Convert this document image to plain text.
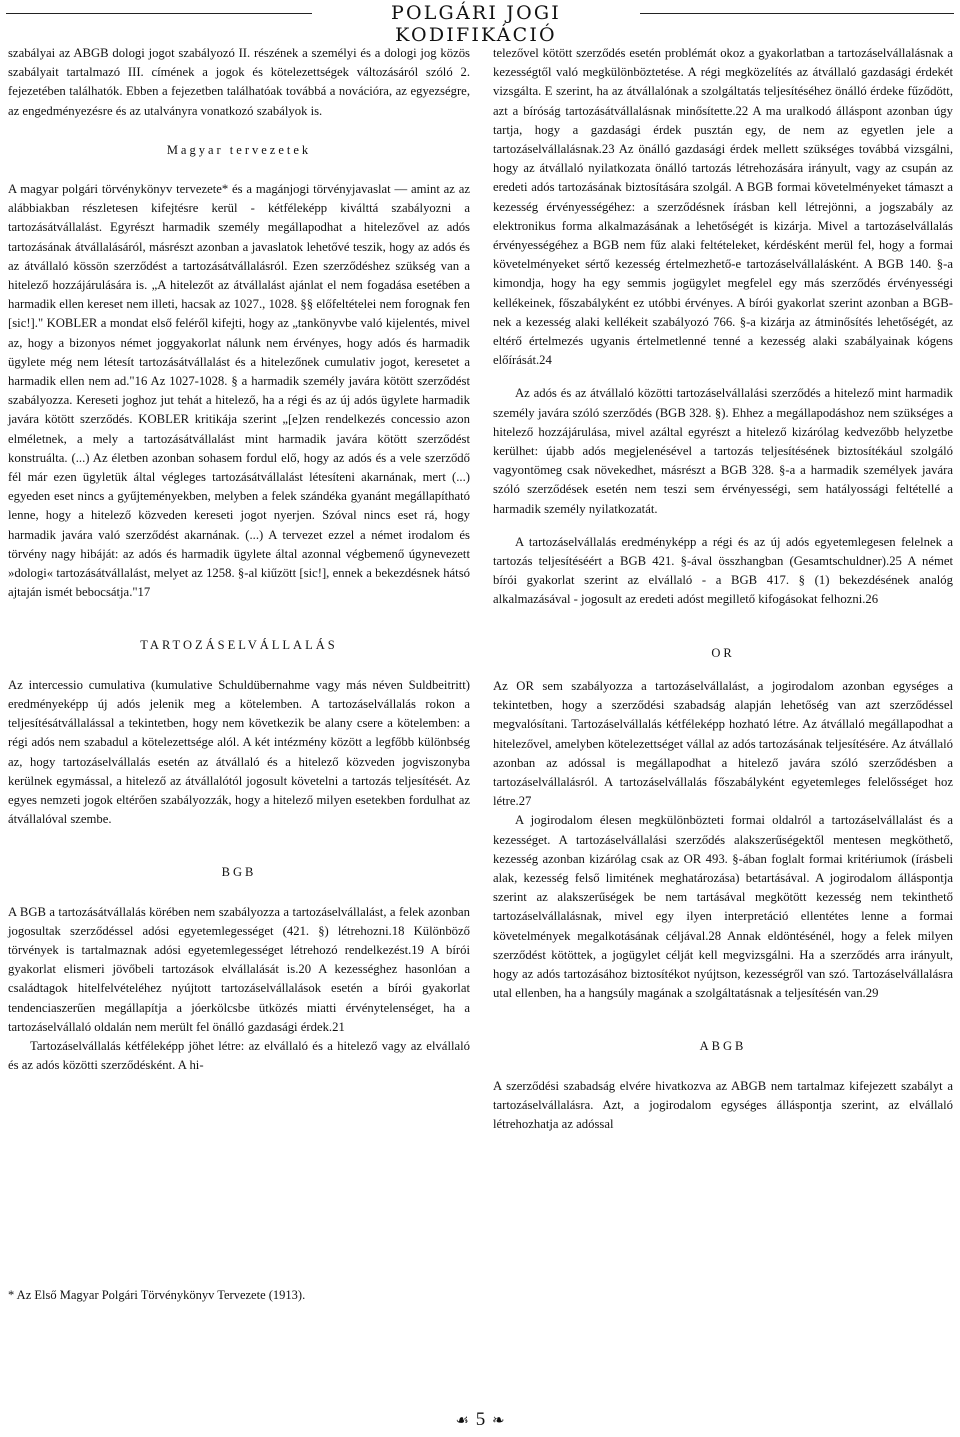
POLGÁRI JOGI KODIFIKÁCIÓ

szabályai az ABGB dologi jogot szabályozó II. részének a személyi és a dologi jog közös szabályait tartalmazó III. címének a jogok és kötelezettségek változásáról szóló 2. fejezetében találhatók. Ebben a fejezetben találhatóak továbbá a novációra, az egyezségre, az engedményezésre és az utalványra vonatkozó szabályok is.

Magyar tervezetek

A magyar polgári törvénykönyv tervezete* és a magánjogi törvényjavaslat — amint az az alábbiakban részletesen kifejtésre kerül - kétféleképp kiválttá szabályozni a tartozásátvállalást. Egyrészt harmadik személy megállapodhat a hitelezővel az adós tartozásának átvállalásáról, másrészt azonban a javaslatok lehetővé teszik, hogy az adós és az átvállaló kössön szerződést a tartozásátvállalásról. Ezen szerződéshez szükség van a hitelező hozzájárulására is. „A hitelezőt az átvállalást ajánlat el nem fogadása esetében a harmadik ellen kereset nem illeti, hacsak az 1027., 1028. §§ előfeltételei nem forognak fen [sic!]." KOBLER a mondat első feléről kifejti, hogy az „tankönyvbe való kijelentés, mivel az, hogy a bizonyos német joggyakorlat nálunk nem érvényes, hogy adós és harmadik ügylete még nem létesít tartozásátvállalást és a hitelezőnek cumulativ jogot, keresetet a harmadik ellen nem ad."16 Az 1027-1028. § a harmadik személy javára kötött szerződést szabályozza. Kereseti joghoz jut tehát a hitelező, ha a régi és az új adós ügylete harmadik javára kötött szerződés. KOBLER kritikája szerint „[e]zen rendelkezés concessio azon elméletnek, a mely a tartozásátvállalást mint harmadik javára kötött szerződést konstruálta. (...) Az életben azonban sohasem fordul elő, hogy az adós és a vele szerződő fél már ezen ügyletük által végleges tartozásátvállalást létesíteni akarnának, mert (...) egyeden eset nincs a gyűjteményekben, melyben a felek szándéka gyanánt megállapítható lenne, hogy a hitelező közveden kereseti jogot nyerjen. Szóval nincs eset rá, hogy harmadik javára való szerződést akarnának. (...) A tervezet ezzel a német irodalom és törvény nagy hibáját: az adós és harmadik ügylete által azonnal végbemenő úgynevezett »dologi« tartozásátvállalást, melyet az 1258. §-al kiűzött [sic!], ennek a bekezdésnek hátsó ajtaján ismét bebocsátja."17

TARTOZÁSELVÁLLALÁS

Az intercessio cumulativa (kumulative Schuldübernahme vagy más néven Suldbeitritt) eredményeképp új adós jelenik meg a kötelemben. A tartozáselvállalás rokon a teljesítésátvállalással a tekintetben, hogy nem következik be alany csere a kötelemben: a régi adós nem szabadul a kötelezettsége alól. A két intézmény között a legfőbb különbség az, hogy tartozáselvállalás esetén az átvállaló és a hitelező közveden jogviszonyba kerülnek egymással, a hitelező az átvállalótól jogosult követelni a tartozás teljesítését. Az egyes nemzeti jogok eltérően szabályozzák, hogy a hitelező milyen esetekben fordulhat az átvállalóval szembe.

BGB

A BGB a tartozásátvállalás körében nem szabályozza a tartozáselvállalást, a felek azonban jogosultak szerződéssel adósi egyetemlegességet (421. §) létrehozni.18 Különböző törvények is tartalmaznak adósi egyetemlegességet létrehozó rendelkezést.19 A bírói gyakorlat elismeri jövőbeli tartozások elvállalását is.20 A kezességhez hasonlóan a családtagok hitelfelvételéhez nyújtott tartozáselvállalások esetén a bírói gyakorlat tendenciaszerűen megállapítja a jóerkölcsbe ütközés miatti érvénytelenséget, ha a tartozáselvállaló oldalán nem merült fel önálló gazdasági érdek.21

Tartozáselvállalás kétféleképp jöhet létre: az elvállaló és a hitelező vagy az elvállaló és az adós közötti szerződésként. A hi-

* Az Első Magyar Polgári Törvénykönyv Tervezete (1913).

telezővel kötött szerződés esetén problémát okoz a gyakorlatban a tartozáselvállalásnak a kezességtől való megkülönböztetése. A régi megközelítés az átvállaló gazdasági érdekét vizsgálta. E szerint, ha az átvállalónak a szolgáltatás teljesítéséhez önálló érdeke fűződött, azt a bíróság tartozásátvállalásnak minősítette.22 A ma uralkodó álláspont azonban úgy tartja, hogy a gazdasági érdek pusztán egy, de nem az egyetlen jele a tartozáselvállalásnak.23 Az önálló gazdasági érdek mellett szükséges továbbá vizsgálni, hogy az átvállaló nyilatkozata önálló tartozás létrehozására irányult, vagy az csupán az eredeti adós tartozásának biztosítására szolgál. A BGB formai követelményeket támaszt a kezesség érvényességéhez: a szerződésnek írásban kell létrejönni, a jogszabály az elektronikus forma alkalmazásának a lehetőségét is kizárja. Mivel a tartozáselvállalás érvényességéhez a BGB nem fűz alaki feltételeket, kérdésként merül fel, hogy a formai követelményeket sértő kezesség értelmezhető-e tartozáselvállalásként. A BGB 140. §-a kimondja, hogy ha egy semmis jogügylet megfelel egy más szerződés érvényességi kellékeinek, főszabályként ez utóbbi érvényes. A bírói gyakorlat szerint azonban a BGB-nek a kezesség alaki kellékeit szabályozó 766. §-a kizárja az átminősítés lehetőségét, az eltérő értelmezés ugyanis értelmetlenné tenné a kezesség alaki szabályainak kógens előírását.24

Az adós és az átvállaló közötti tartozáselvállalási szerződés a hitelező mint harmadik személy javára szóló szerződés (BGB 328. §). Ehhez a megállapodáshoz nem szükséges a hitelező hozzájárulása, mivel azáltal egyrészt a hitelező kizárólag kedvezőbb helyzetbe kerülhet: újabb adós megjelenésével a tartozás teljesítésének biztosítékául szolgáló vagyontömeg csak növekedhet, másrészt a BGB 328. §-a a harmadik személyek javára szóló szerződések esetén nem teszi sem érvényességi, sem hatályossági feltétellé a harmadik személy nyilatkozatát.

A tartozáselvállalás eredményképp a régi és az új adós egyetemlegesen felelnek a tartozás teljesítéséért a BGB 421. §-ával összhangban (Gesamtschuldner).25 A német bírói gyakorlat szerint az elvállaló - a BGB 417. § (1) bekezdésének analóg alkalmazásával - jogosult az eredeti adóst megillető kifogásokat felhozni.26

OR

Az OR sem szabályozza a tartozáselvállalást, a jogirodalom azonban egységes a tekintetben, hogy a szerződési szabadság alapján lehetőség van azt szerződéssel megvalósítani. Tartozáselvállalás kétféleképp hozható létre. Az átvállaló megállapodhat a hitelezővel, amelyben kötelezettséget vállal az adós tartozásának teljesítésére. Az átvállaló azonban az adóssal is megállapodhat a hitelező javára szóló szerződésben a tartozáselvállalásról. A tartozáselvállalás főszabályként egyetemleges felelősséget hoz létre.27

A jogirodalom élesen megkülönbözteti formai oldalról a tartozáselvállalást és a kezességet. A tartozáselvállalási szerződés alakszerűségektől mentesen megköthető, kezesség azonban kizárólag csak az OR 493. §-ában foglalt formai kritériumok (írásbeli alak, kezesség felső limitének meghatározása) betartásával. A jogirodalom álláspontja szerint az alakszerűségek be nem tartásával megkötött kezesség nem tekinthető tartozáselvállalásnak, mivel egy ilyen interpretáció ellentétes lenne a formai követelmények megalkotásának céljával.28 Annak eldöntésénél, hogy a felek milyen szerződést kötöttek, a jogügylet célját kell megvizsgálni. Ha a szerződés arra irányult, hogy az adós tartozásához biztosítékot nyújtson, kezességről van szó. Tartozáselvállalásra utal ellenben, ha a hangsúly magának a szolgáltatásnak a teljesítésén van.29

ABGB

A szerződési szabadság elvére hivatkozva az ABGB nem tartalmaz kifejezett szabályt a tartozáselvállalásra. Azt, a jogirodalom egységes álláspontja szerint, az elvállaló létrehozhatja az adóssal

☙ 5 ❧
